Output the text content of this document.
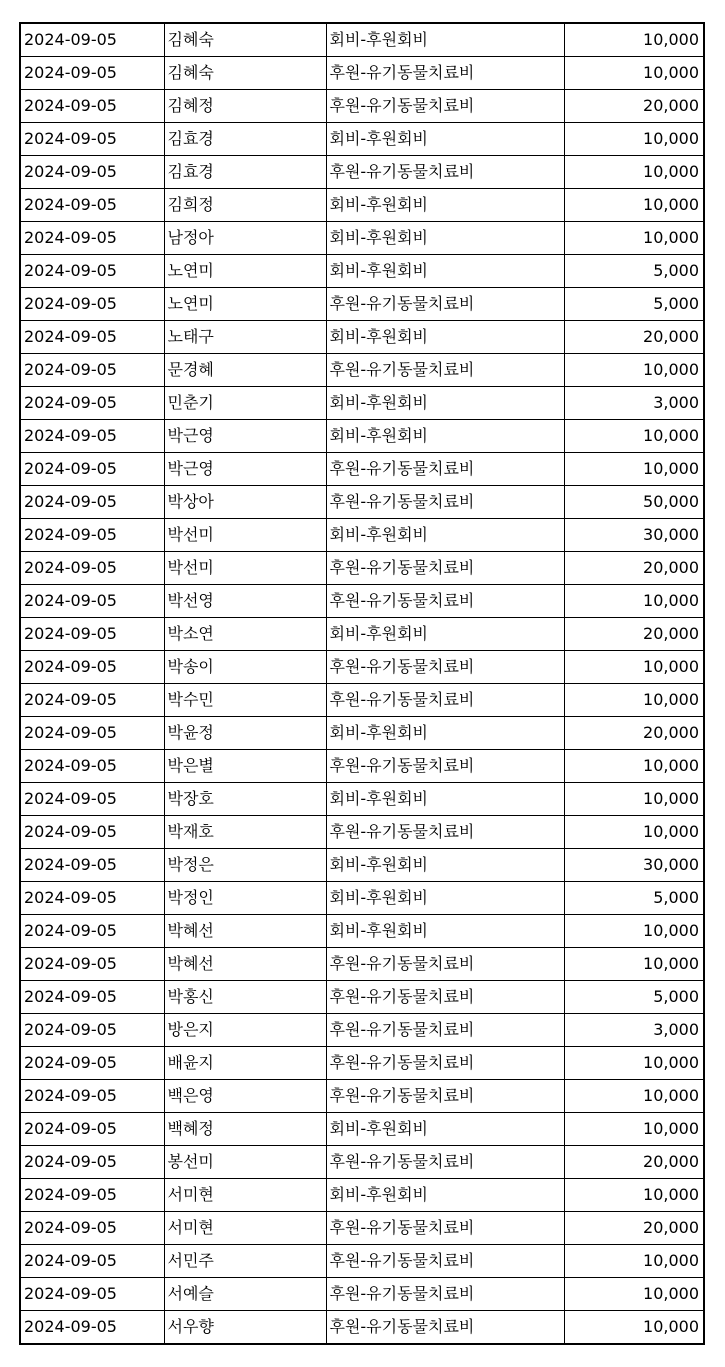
2024-09-05	김혜숙	회비-후원회비	10,000
2024-09-05	김혜숙	후원-유기동물치료비	10,000
2024-09-05	김혜정	후원-유기동물치료비	20,000
2024-09-05	김효경	회비-후원회비	10,000
2024-09-05	김효경	후원-유기동물치료비	10,000
2024-09-05	김희정	회비-후원회비	10,000
2024-09-05	남정아	회비-후원회비	10,000
2024-09-05	노연미	회비-후원회비	5,000
2024-09-05	노연미	후원-유기동물치료비	5,000
2024-09-05	노태구	회비-후원회비	20,000
2024-09-05	문경혜	후원-유기동물치료비	10,000
2024-09-05	민춘기	회비-후원회비	3,000
2024-09-05	박근영	회비-후원회비	10,000
2024-09-05	박근영	후원-유기동물치료비	10,000
2024-09-05	박상아	후원-유기동물치료비	50,000
2024-09-05	박선미	회비-후원회비	30,000
2024-09-05	박선미	후원-유기동물치료비	20,000
2024-09-05	박선영	후원-유기동물치료비	10,000
2024-09-05	박소연	회비-후원회비	20,000
2024-09-05	박송이	후원-유기동물치료비	10,000
2024-09-05	박수민	후원-유기동물치료비	10,000
2024-09-05	박윤정	회비-후원회비	20,000
2024-09-05	박은별	후원-유기동물치료비	10,000
2024-09-05	박장호	회비-후원회비	10,000
2024-09-05	박재호	후원-유기동물치료비	10,000
2024-09-05	박정은	회비-후원회비	30,000
2024-09-05	박정인	회비-후원회비	5,000
2024-09-05	박혜선	회비-후원회비	10,000
2024-09-05	박혜선	후원-유기동물치료비	10,000
2024-09-05	박홍신	후원-유기동물치료비	5,000
2024-09-05	방은지	후원-유기동물치료비	3,000
2024-09-05	배윤지	후원-유기동물치료비	10,000
2024-09-05	백은영	후원-유기동물치료비	10,000
2024-09-05	백혜정	회비-후원회비	10,000
2024-09-05	봉선미	후원-유기동물치료비	20,000
2024-09-05	서미현	회비-후원회비	10,000
2024-09-05	서미현	후원-유기동물치료비	20,000
2024-09-05	서민주	후원-유기동물치료비	10,000
2024-09-05	서예슬	후원-유기동물치료비	10,000
2024-09-05	서우향	후원-유기동물치료비	10,000
